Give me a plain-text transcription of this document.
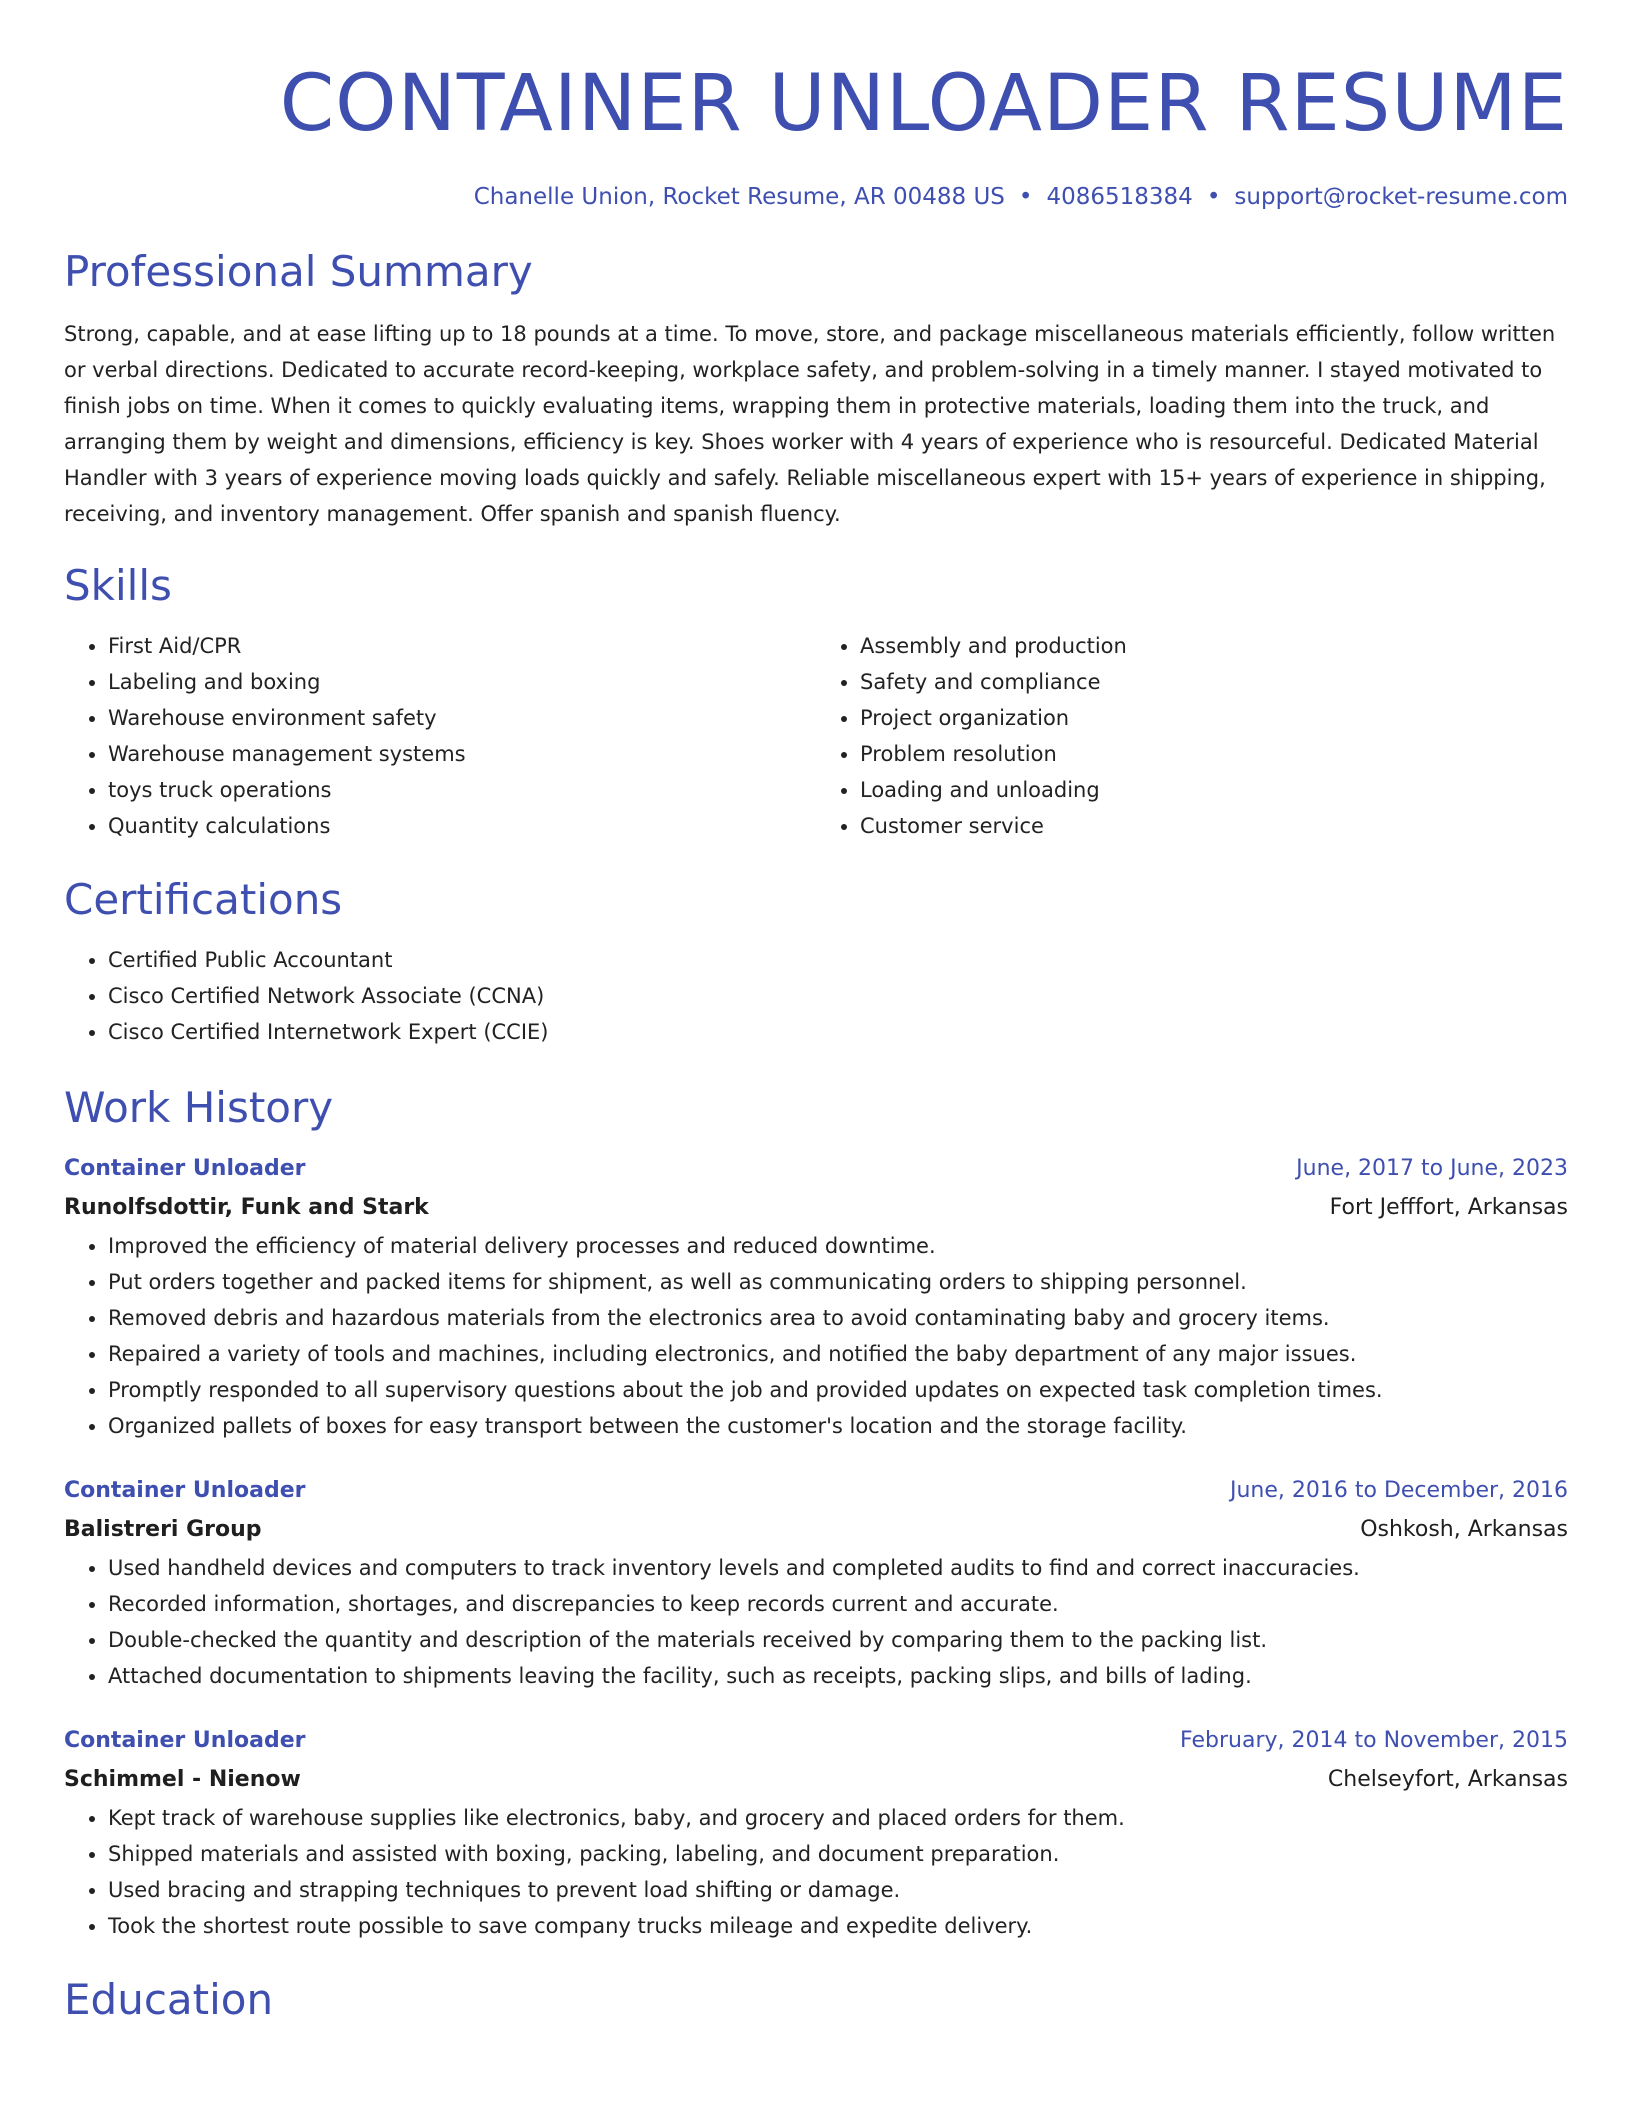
CONTAINER UNLOADER RESUME
Chanelle Union, Rocket Resume, AR 00488 US • 4086518384 • support@rocket-resume.com
Professional Summary

Strong, capable, and at ease lifting up to 18 pounds at a time. To move, store, and package miscellaneous materials efficiently, follow written or verbal directions. Dedicated to accurate record-keeping, workplace safety, and problem-solving in a timely manner. I stayed motivated to finish jobs on time. When it comes to quickly evaluating items, wrapping them in protective materials, loading them into the truck, and arranging them by weight and dimensions, efficiency is key. Shoes worker with 4 years of experience who is resourceful. Dedicated Material Handler with 3 years of experience moving loads quickly and safely. Reliable miscellaneous expert with 15+ years of experience in shipping, receiving, and inventory management. Offer spanish and spanish fluency.

Skills
• First Aid/CPR
• Labeling and boxing
• Warehouse environment safety
• Warehouse management systems
• toys truck operations
• Quantity calculations
• Assembly and production
• Safety and compliance
• Project organization
• Problem resolution
• Loading and unloading
• Customer service
Certifications
• Certified Public Accountant
• Cisco Certified Network Associate (CCNA)
• Cisco Certified Internetwork Expert (CCIE)
Work History
Container Unloader	June, 2017 to June, 2023
Runolfsdottir, Funk and Stark	Fort Jefffort, Arkansas
• Improved the efficiency of material delivery processes and reduced downtime.
• Put orders together and packed items for shipment, as well as communicating orders to shipping personnel.
• Removed debris and hazardous materials from the electronics area to avoid contaminating baby and grocery items.
• Repaired a variety of tools and machines, including electronics, and notified the baby department of any major issues.
• Promptly responded to all supervisory questions about the job and provided updates on expected task completion times.
• Organized pallets of boxes for easy transport between the customer's location and the storage facility.
Container Unloader	June, 2016 to December, 2016
Balistreri Group	Oshkosh, Arkansas
• Used handheld devices and computers to track inventory levels and completed audits to find and correct inaccuracies.
• Recorded information, shortages, and discrepancies to keep records current and accurate.
• Double-checked the quantity and description of the materials received by comparing them to the packing list.
• Attached documentation to shipments leaving the facility, such as receipts, packing slips, and bills of lading.
Container Unloader	February, 2014 to November, 2015
Schimmel - Nienow	Chelseyfort, Arkansas
• Kept track of warehouse supplies like electronics, baby, and grocery and placed orders for them.
• Shipped materials and assisted with boxing, packing, labeling, and document preparation.
• Used bracing and strapping techniques to prevent load shifting or damage.
• Took the shortest route possible to save company trucks mileage and expedite delivery.
Education
